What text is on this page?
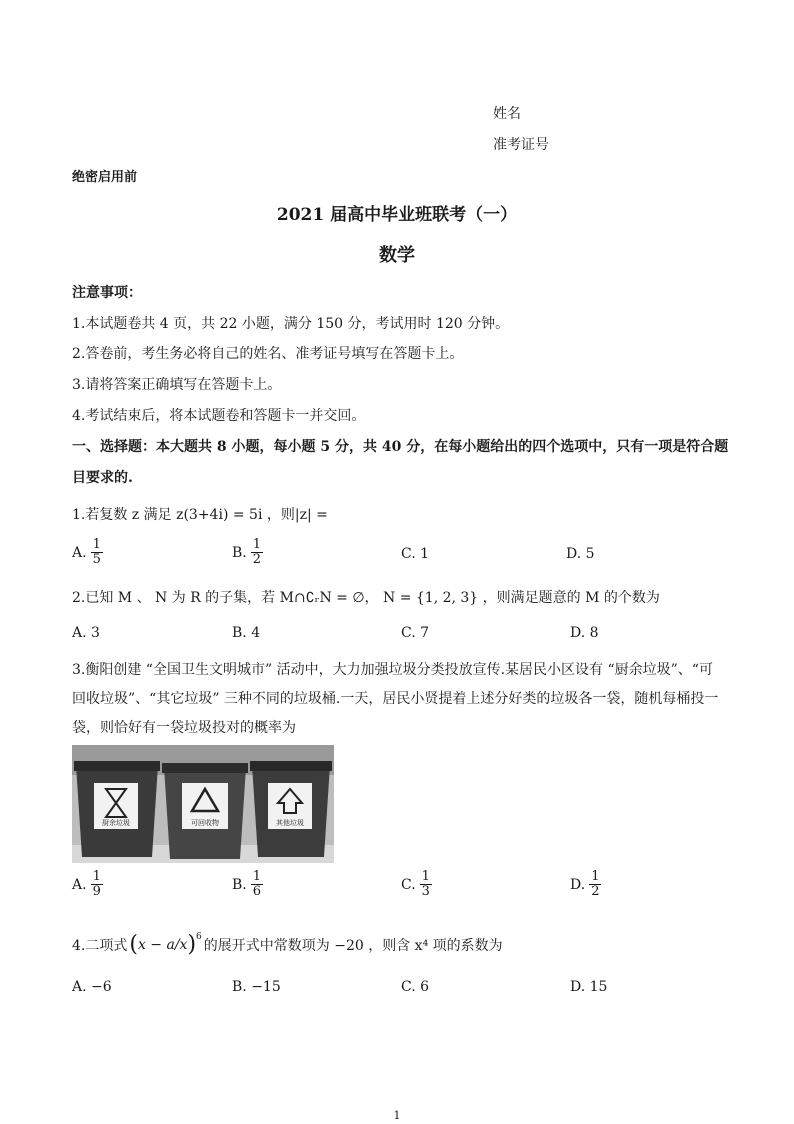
姓名
准考证号
绝密启用前
2021 届高中毕业班联考（一）
数学
注意事项：
1.本试题卷共 4 页，共 22 小题，满分 150 分，考试用时 120 分钟。
2.答卷前，考生务必将自己的姓名、准考证号填写在答题卡上。
3.请将答案正确填写在答题卡上。
4.考试结束后，将本试题卷和答题卡一并交回。
一、选择题：本大题共 8 小题，每小题 5 分，共 40 分，在每小题给出的四个选项中，只有一项是符合题
目要求的.
1.若复数 z 满足 z(3+4i) = 5i ，则|z| =
A. $\frac{1}{5}$	B. $\frac{1}{2}$	C.
1	D.
5
2.已知 M 、 N 为 R 的子集，若 M∩∁ᵣN = ∅， N = {1, 2, 3} ，则满足题意的 M 的个数为
A.
3	B.
4	C.
7	D.
8
3.衡阳创建 “全国卫生文明城市” 活动中，大力加强垃圾分类投放宣传.某居民小区设有 “厨余垃圾”、“可
回收垃圾”、“其它垃圾” 三种不同的垃圾桶.一天，居民小贤提着上述分好类的垃圾各一袋，随机每桶投一
袋，则恰好有一袋垃圾投对的概率为
厨余垃圾	可回收物	其他垃圾
A. $\frac{1}{9}$	B. $\frac{1}{6}$	C. $\frac{1}{3}$	D. $\frac{1}{2}$
4.二项式 ( x − a/x )$^6$
的展开式中常数项为 −20 ，则含 x⁴ 项的系数为
A.
−6	B.
−15	C.
6	D.
15
1
